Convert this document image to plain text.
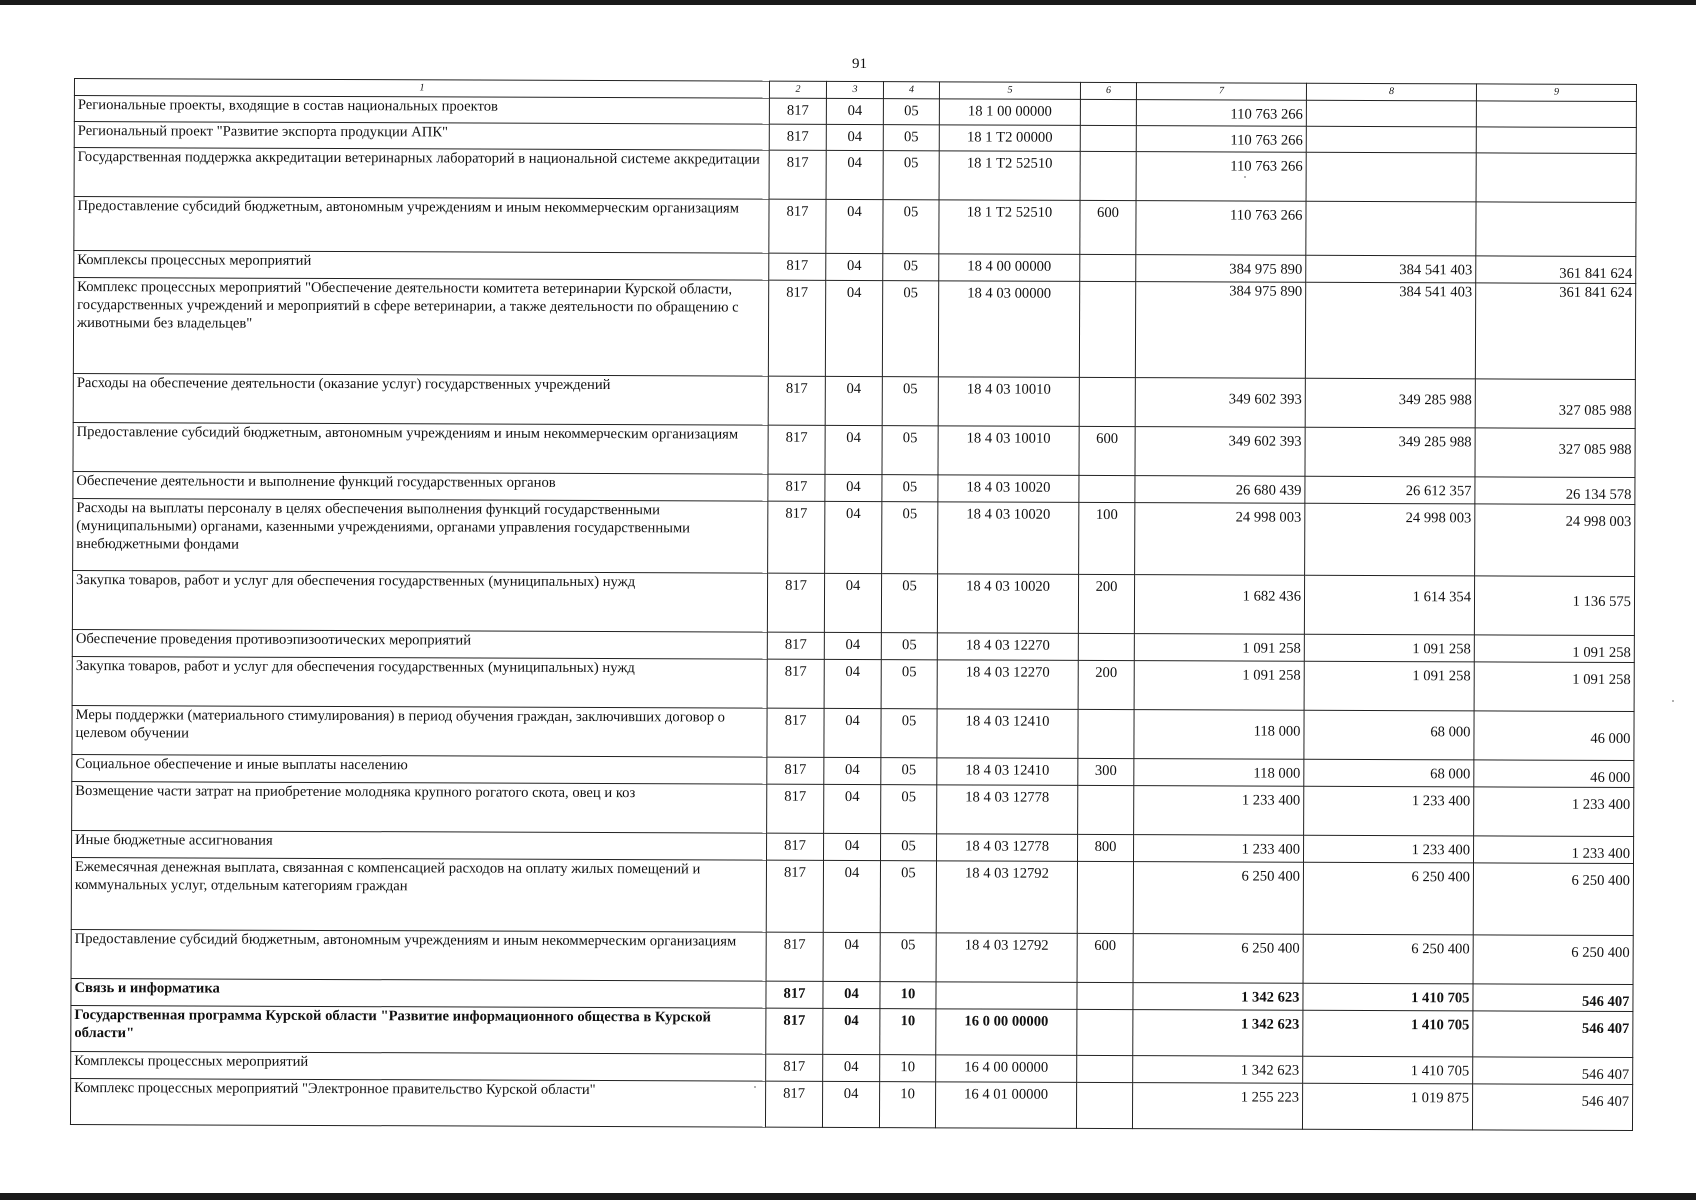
91
1	2	3	4	5	6	7	8	9
Региональные проекты, входящие в состав национальных проектов	817	04	05	18 1 00 00000		110 763 266		
Региональный проект "Развитие экспорта продукции АПК"	817	04	05	18 1 Т2 00000		110 763 266		
Государственная поддержка аккредитации ветеринарных лабораторий в национальной системе аккредитации	817	04	05	18 1 Т2 52510		110 763 266		
Предоставление субсидий бюджетным, автономным учреждениям и иным некоммерческим организациям	817	04	05	18 1 Т2 52510	600	110 763 266		
Комплексы процессных мероприятий	817	04	05	18 4 00 00000		384 975 890	384 541 403	361 841 624
Комплекс процессных мероприятий "Обеспечение деятельности комитета ветеринарии Курской области, государственных учреждений и мероприятий в сфере ветеринарии, а также деятельности по обращению с животными без владельцев"	817	04	05	18 4 03 00000		384 975 890	384 541 403	361 841 624
Расходы на обеспечение деятельности (оказание услуг) государственных учреждений	817	04	05	18 4 03 10010		349 602 393	349 285 988	327 085 988
Предоставление субсидий бюджетным, автономным учреждениям и иным некоммерческим организациям	817	04	05	18 4 03 10010	600	349 602 393	349 285 988	327 085 988
Обеспечение деятельности и выполнение функций государственных органов	817	04	05	18 4 03 10020		26 680 439	26 612 357	26 134 578
Расходы на выплаты персоналу в целях обеспечения выполнения функций государственными (муниципальными) органами, казенными учреждениями, органами управления государственными внебюджетными фондами	817	04	05	18 4 03 10020	100	24 998 003	24 998 003	24 998 003
Закупка товаров, работ и услуг для обеспечения государственных (муниципальных) нужд	817	04	05	18 4 03 10020	200	1 682 436	1 614 354	1 136 575
Обеспечение проведения противоэпизоотических мероприятий	817	04	05	18 4 03 12270		1 091 258	1 091 258	1 091 258
Закупка товаров, работ и услуг для обеспечения государственных (муниципальных) нужд	817	04	05	18 4 03 12270	200	1 091 258	1 091 258	1 091 258
Меры поддержки (материального стимулирования) в период обучения граждан, заключивших договор о целевом обучении	817	04	05	18 4 03 12410		118 000	68 000	46 000
Социальное обеспечение и иные выплаты населению	817	04	05	18 4 03 12410	300	118 000	68 000	46 000
Возмещение части затрат на приобретение молодняка крупного рогатого скота, овец и коз	817	04	05	18 4 03 12778		1 233 400	1 233 400	1 233 400
Иные бюджетные ассигнования	817	04	05	18 4 03 12778	800	1 233 400	1 233 400	1 233 400
Ежемесячная денежная выплата, связанная с компенсацией расходов на оплату жилых помещений и коммунальных услуг, отдельным категориям граждан	817	04	05	18 4 03 12792		6 250 400	6 250 400	6 250 400
Предоставление субсидий бюджетным, автономным учреждениям и иным некоммерческим организациям	817	04	05	18 4 03 12792	600	6 250 400	6 250 400	6 250 400
Связь и информатика	817	04	10			1 342 623	1 410 705	546 407
Государственная программа Курской области "Развитие информационного общества в Курской области"	817	04	10	16 0 00 00000		1 342 623	1 410 705	546 407
Комплексы процессных мероприятий	817	04	10	16 4 00 00000		1 342 623	1 410 705	546 407
Комплекс процессных мероприятий "Электронное правительство Курской области"	817	04	10	16 4 01 00000		1 255 223	1 019 875	546 407
